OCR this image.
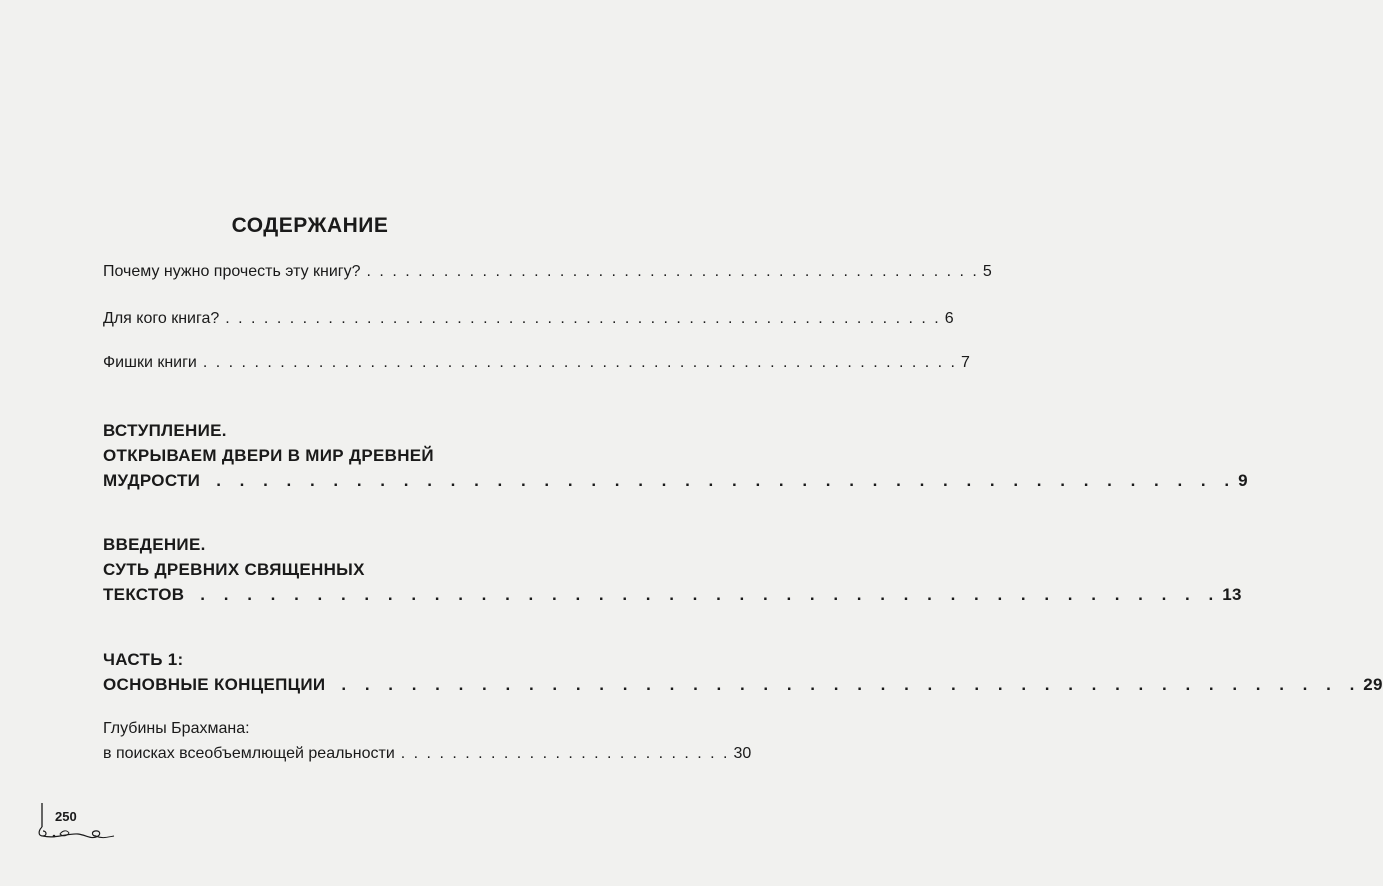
СОДЕРЖАНИЕ
Почему нужно прочесть эту книгу? . . . . . . . . . . . . . . . . . . . . . . . . . . . . . . . . . . . . . . . . . . . . . . . . 5
Для кого книга? . . . . . . . . . . . . . . . . . . . . . . . . . . . . . . . . . . . . . . . . . . . . . . . . . . . . . . . . 6
Фишки книги . . . . . . . . . . . . . . . . . . . . . . . . . . . . . . . . . . . . . . . . . . . . . . . . . . . . . . . . . . . 7
ВСТУПЛЕНИЕ.
ОТКРЫВАЕМ ДВЕРИ В МИР ДРЕВНЕЙ
МУДРОСТИ . . . . . . . . . . . . . . . . . . . . . . . . . . . . . . . . . . . . . . . . . . . . 9
ВВЕДЕНИЕ.
СУТЬ ДРЕВНИХ СВЯЩЕННЫХ
ТЕКСТОВ . . . . . . . . . . . . . . . . . . . . . . . . . . . . . . . . . . . . . . . . . . . . 13
ЧАСТЬ 1:
ОСНОВНЫЕ КОНЦЕПЦИИ . . . . . . . . . . . . . . . . . . . . . . . . . . . . . . . . . . . . . . . . . . . . 29
Глубины Брахмана:
в поисках всеобъемлющей реальности . . . . . . . . . . . . . . . . . . . . . . . . . . 30
250
